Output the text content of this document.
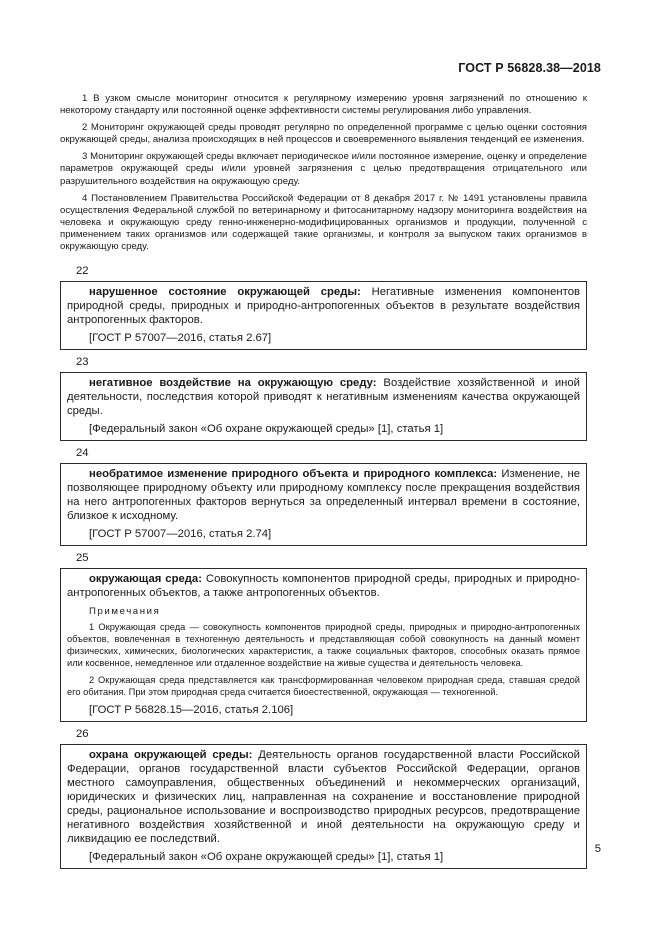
ГОСТ Р 56828.38—2018

1 В узком смысле мониторинг относится к регулярному измерению уровня загрязнений по отношению к некоторому стандарту или постоянной оценке эффективности системы регулирования либо управления.

2 Мониторинг окружающей среды проводят регулярно по определенной программе с целью оценки состояния окружающей среды, анализа происходящих в ней процессов и своевременного выявления тенденций ее изменения.

3 Мониторинг окружающей среды включает периодическое и/или постоянное измерение, оценку и определение параметров окружающей среды и/или уровней загрязнения с целью предотвращения отрицательного или разрушительного воздействия на окружающую среду.

4 Постановлением Правительства Российской Федерации от 8 декабря 2017 г. № 1491 установлены правила осуществления Федеральной службой по ветеринарному и фитосанитарному надзору мониторинга воздействия на человека и окружающую среду генно-инженерно-модифицированных организмов и продукции, полученной с применением таких организмов или содержащей такие организмы, и контроля за выпуском таких организмов в окружающую среду.

22

нарушенное состояние окружающей среды: Негативные изменения компонентов природной среды, природных и природно-антропогенных объектов в результате воздействия антропогенных факторов.

[ГОСТ Р 57007—2016, статья 2.67]
23

негативное воздействие на окружающую среду: Воздействие хозяйственной и иной деятельности, последствия которой приводят к негативным изменениям качества окружающей среды.

[Федеральный закон «Об охране окружающей среды» [1], статья 1]
24

необратимое изменение природного объекта и природного комплекса: Изменение, не позволяющее природному объекту или природному комплексу после прекращения воздействия на него антропогенных факторов вернуться за определенный интервал времени в состояние, близкое к исходному.

[ГОСТ Р 57007—2016, статья 2.74]
25

окружающая среда: Совокупность компонентов природной среды, природных и природно-антропогенных объектов, а также антропогенных объектов.

Примечания

1 Окружающая среда — совокупность компонентов природной среды, природных и природно-антропогенных объектов, вовлеченная в техногенную деятельность и представляющая собой совокупность на данный момент физических, химических, биологических характеристик, а также социальных факторов, способных оказать прямое или косвенное, немедленное или отдаленное воздействие на живые существа и деятельность человека.

2 Окружающая среда представляется как трансформированная человеком природная среда, ставшая средой его обитания. При этом природная среда считается биоестественной, окружающая — техногенной.

[ГОСТ Р 56828.15—2016, статья 2.106]
26

охрана окружающей среды: Деятельность органов государственной власти Российской Федерации, органов государственной власти субъектов Российской Федерации, органов местного самоуправления, общественных объединений и некоммерческих организаций, юридических и физических лиц, направленная на сохранение и восстановление природной среды, рациональное использование и воспроизводство природных ресурсов, предотвращение негативного воздействия хозяйственной и иной деятельности на окружающую среду и ликвидацию ее последствий.

[Федеральный закон «Об охране окружающей среды» [1], статья 1]
5
